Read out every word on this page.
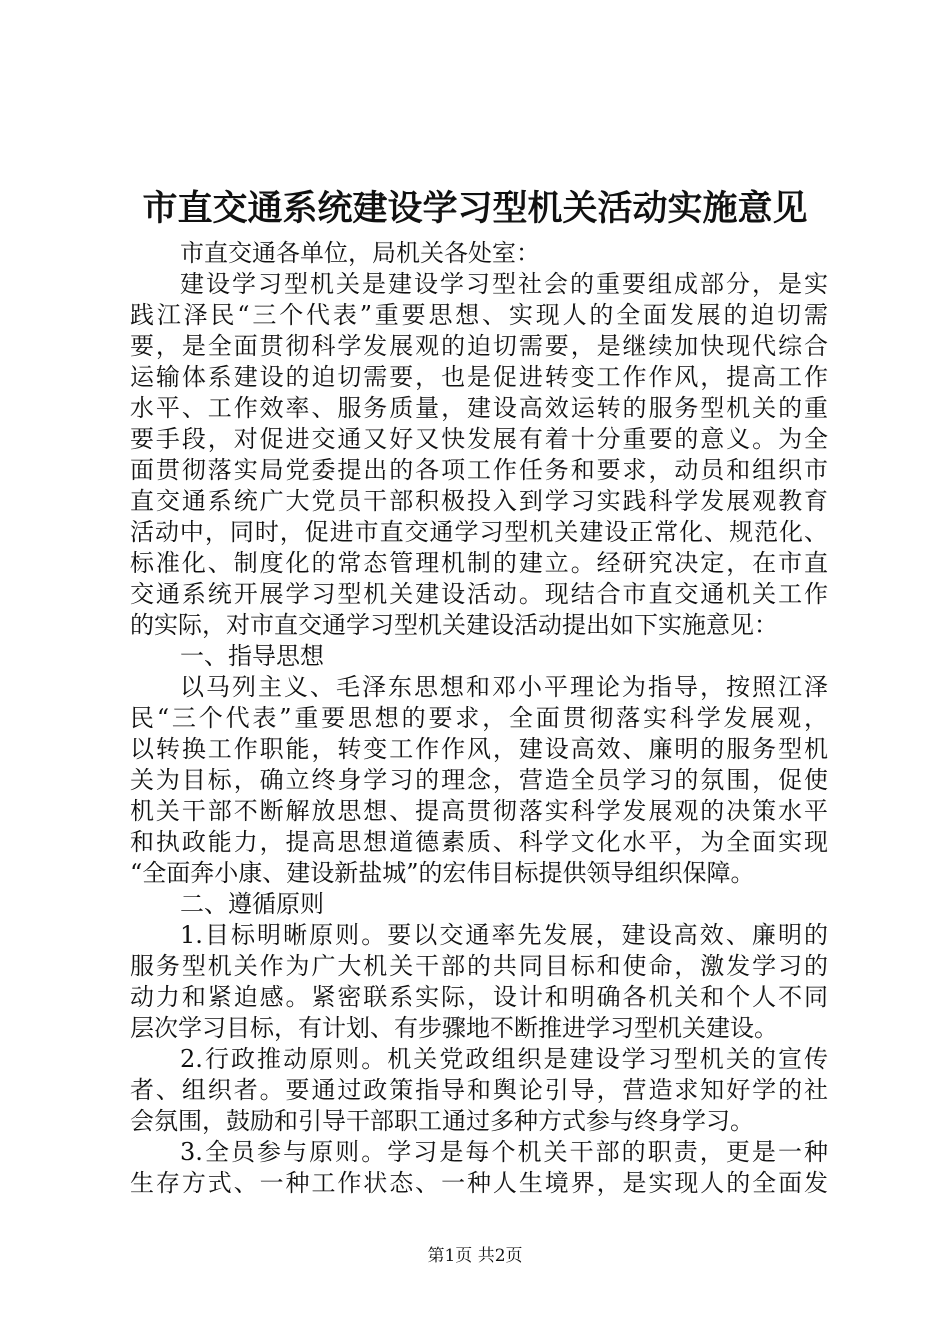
市直交通系统建设学习型机关活动实施意见
市直交通各单位，局机关各处室：
建设学习型机关是建设学习型社会的重要组成部分，是实
践江泽民“三个代表”重要思想、实现人的全面发展的迫切需
要，是全面贯彻科学发展观的迫切需要，是继续加快现代综合
运输体系建设的迫切需要，也是促进转变工作作风，提高工作
水平、工作效率、服务质量，建设高效运转的服务型机关的重
要手段，对促进交通又好又快发展有着十分重要的意义。为全
面贯彻落实局党委提出的各项工作任务和要求，动员和组织市
直交通系统广大党员干部积极投入到学习实践科学发展观教育
活动中，同时，促进市直交通学习型机关建设正常化、规范化、
标准化、制度化的常态管理机制的建立。经研究决定，在市直
交通系统开展学习型机关建设活动。现结合市直交通机关工作
的实际，对市直交通学习型机关建设活动提出如下实施意见：
一、指导思想
以马列主义、毛泽东思想和邓小平理论为指导，按照江泽
民“三个代表”重要思想的要求，全面贯彻落实科学发展观，
以转换工作职能，转变工作作风，建设高效、廉明的服务型机
关为目标，确立终身学习的理念，营造全员学习的氛围，促使
机关干部不断解放思想、提高贯彻落实科学发展观的决策水平
和执政能力，提高思想道德素质、科学文化水平，为全面实现
“全面奔小康、建设新盐城”的宏伟目标提供领导组织保障。
二、遵循原则
1.目标明晰原则。要以交通率先发展，建设高效、廉明的
服务型机关作为广大机关干部的共同目标和使命，激发学习的
动力和紧迫感。紧密联系实际，设计和明确各机关和个人不同
层次学习目标，有计划、有步骤地不断推进学习型机关建设。
2.行政推动原则。机关党政组织是建设学习型机关的宣传
者、组织者。要通过政策指导和舆论引导，营造求知好学的社
会氛围，鼓励和引导干部职工通过多种方式参与终身学习。
3.全员参与原则。学习是每个机关干部的职责，更是一种
生存方式、一种工作状态、一种人生境界，是实现人的全面发
第1页 共2页
